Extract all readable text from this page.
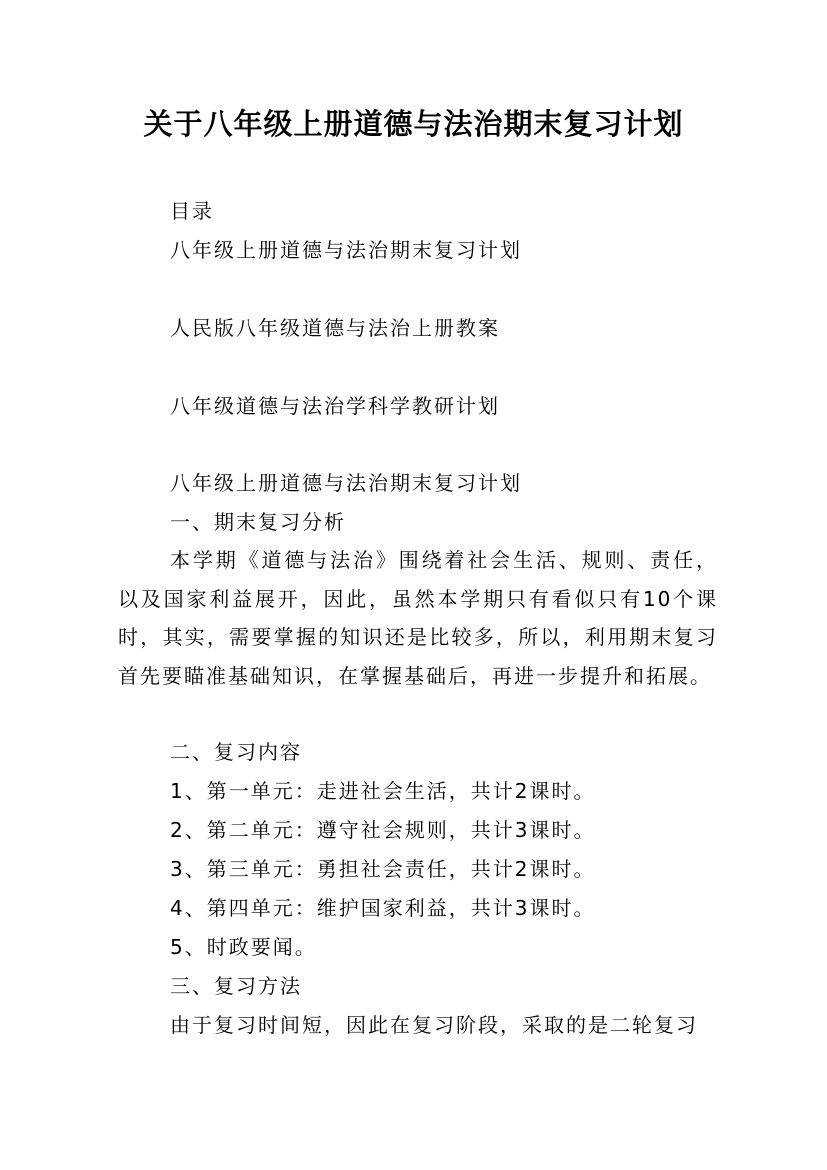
关于八年级上册道德与法治期末复习计划
目录
八年级上册道德与法治期末复习计划
人民版八年级道德与法治上册教案
八年级道德与法治学科学教研计划
八年级上册道德与法治期末复习计划
一、期末复习分析
本学期《道德与法治》围绕着社会生活、规则、责任，以及国家利益展开，因此，虽然本学期只有看似只有10个课时，其实，需要掌握的知识还是比较多，所以，利用期末复习首先要瞄准基础知识，在掌握基础后，再进一步提升和拓展。
二、复习内容
1、第一单元：走进社会生活，共计2课时。
2、第二单元：遵守社会规则，共计3课时。
3、第三单元：勇担社会责任，共计2课时。
4、第四单元：维护国家利益，共计3课时。
5、时政要闻。
三、复习方法
由于复习时间短，因此在复习阶段，采取的是二轮复习
